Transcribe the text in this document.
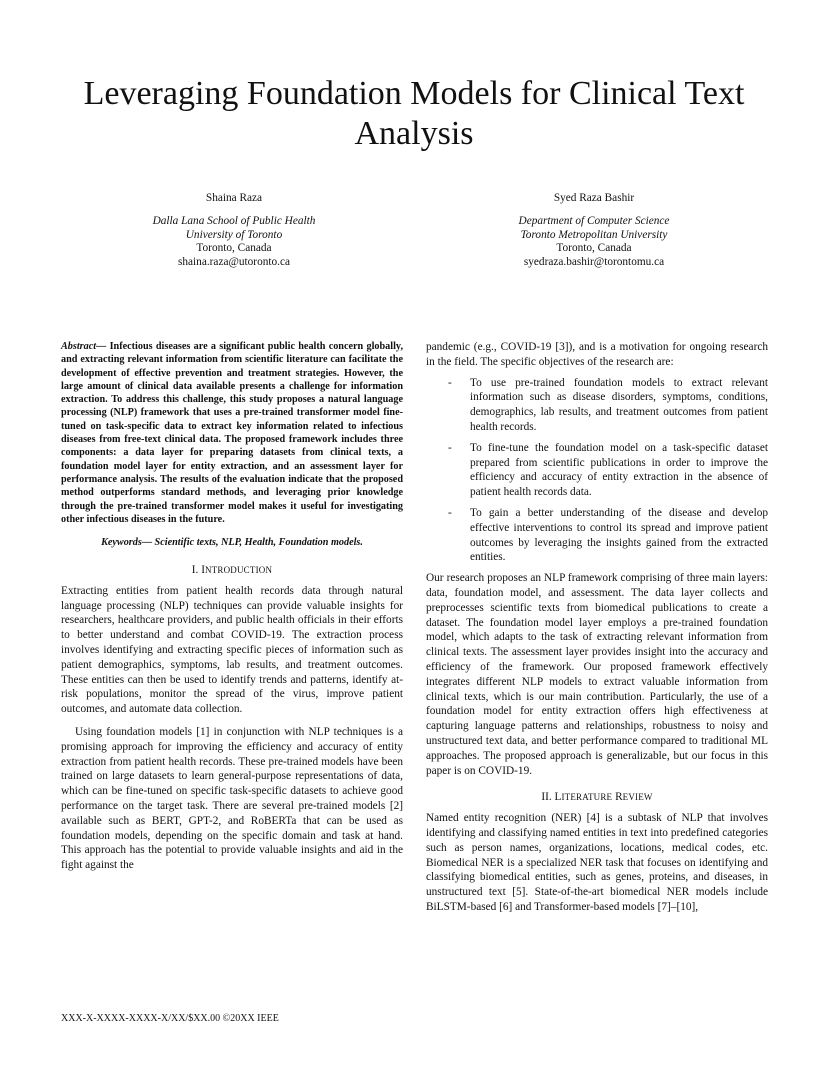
Leveraging Foundation Models for Clinical Text Analysis
Shaina Raza
Dalla Lana School of Public Health
University of Toronto
Toronto, Canada
shaina.raza@utoronto.ca
Syed Raza Bashir
Department of Computer Science
Toronto Metropolitan University
Toronto, Canada
syedraza.bashir@torontomu.ca

Abstract— Infectious diseases are a significant public health concern globally, and extracting relevant information from scientific literature can facilitate the development of effective prevention and treatment strategies. However, the large amount of clinical data available presents a challenge for information extraction. To address this challenge, this study proposes a natural language processing (NLP) framework that uses a pre-trained transformer model fine-tuned on task-specific data to extract key information related to infectious diseases from free-text clinical data. The proposed framework includes three components: a data layer for preparing datasets from clinical texts, a foundation model layer for entity extraction, and an assessment layer for performance analysis. The results of the evaluation indicate that the proposed method outperforms standard methods, and leveraging prior knowledge through the pre-trained transformer model makes it useful for investigating other infectious diseases in the future.

Keywords— Scientific texts, NLP, Health, Foundation models.

I. INTRODUCTION

Extracting entities from patient health records data through natural language processing (NLP) techniques can provide valuable insights for researchers, healthcare providers, and public health officials in their efforts to better understand and combat COVID-19. The extraction process involves identifying and extracting specific pieces of information such as patient demographics, symptoms, lab results, and treatment outcomes. These entities can then be used to identify trends and patterns, identify at-risk populations, monitor the spread of the virus, improve patient outcomes, and automate data collection.

Using foundation models [1] in conjunction with NLP techniques is a promising approach for improving the efficiency and accuracy of entity extraction from patient health records. These pre-trained models have been trained on large datasets to learn general-purpose representations of data, which can be fine-tuned on specific task-specific datasets to achieve good performance on the target task. There are several pre-trained models [2] available such as BERT, GPT-2, and RoBERTa that can be used as foundation models, depending on the specific domain and task at hand. This approach has the potential to provide valuable insights and aid in the fight against the

pandemic (e.g., COVID-19 [3]), and is a motivation for ongoing research in the field. The specific objectives of the research are:

- To use pre-trained foundation models to extract relevant information such as disease disorders, symptoms, conditions, demographics, lab results, and treatment outcomes from patient health records.
- To fine-tune the foundation model on a task-specific dataset prepared from scientific publications in order to improve the efficiency and accuracy of entity extraction in the absence of patient health records data.
- To gain a better understanding of the disease and develop effective interventions to control its spread and improve patient outcomes by leveraging the insights gained from the extracted entities.

Our research proposes an NLP framework comprising of three main layers: data, foundation model, and assessment. The data layer collects and preprocesses scientific texts from biomedical publications to create a dataset. The foundation model layer employs a pre-trained foundation model, which adapts to the task of extracting relevant information from clinical texts. The assessment layer provides insight into the accuracy and efficiency of the framework. Our proposed framework effectively integrates different NLP models to extract valuable information from clinical texts, which is our main contribution. Particularly, the use of a foundation model for entity extraction offers high effectiveness at capturing language patterns and relationships, robustness to noisy and unstructured text data, and better performance compared to traditional ML approaches. The proposed approach is generalizable, but our focus in this paper is on COVID-19.

II. LITERATURE REVIEW

Named entity recognition (NER) [4] is a subtask of NLP that involves identifying and classifying named entities in text into predefined categories such as person names, organizations, locations, medical codes, etc. Biomedical NER is a specialized NER task that focuses on identifying and classifying biomedical entities, such as genes, proteins, and diseases, in unstructured text [5]. State-of-the-art biomedical NER models include BiLSTM-based [6] and Transformer-based models [7]–[10],

XXX-X-XXXX-XXXX-X/XX/$XX.00 ©20XX IEEE
